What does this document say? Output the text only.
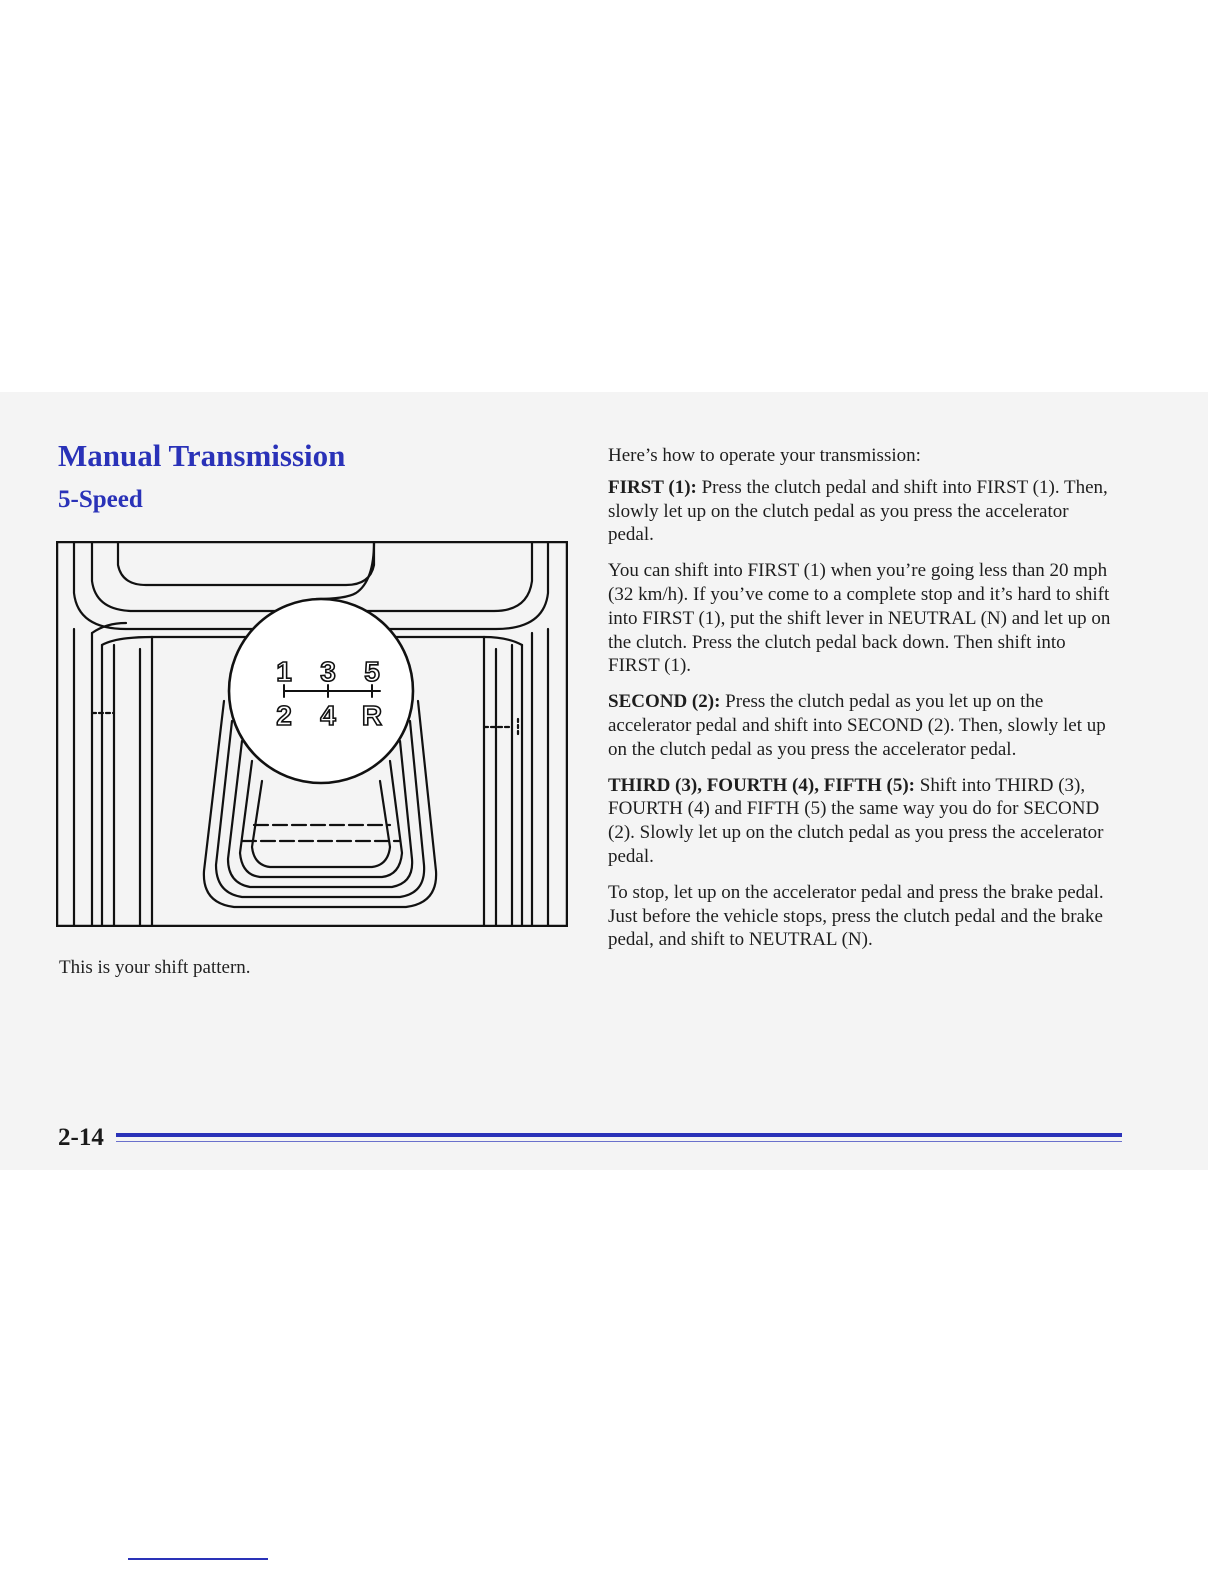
Manual Transmission
5-Speed
1 3 5
2 4 R

This is your shift pattern.

Here’s how to operate your transmission:

FIRST (1): Press the clutch pedal and shift into FIRST (1). Then, slowly let up on the clutch pedal as you press the accelerator pedal.

You can shift into FIRST (1) when you’re going less than 20 mph (32 km/h). If you’ve come to a complete stop and it’s hard to shift into FIRST (1), put the shift lever in NEUTRAL (N) and let up on the clutch. Press the clutch pedal back down. Then shift into FIRST (1).

SECOND (2): Press the clutch pedal as you let up on the accelerator pedal and shift into SECOND (2). Then, slowly let up on the clutch pedal as you press the accelerator pedal.

THIRD (3), FOURTH (4), FIFTH (5): Shift into THIRD (3), FOURTH (4) and FIFTH (5) the same way you do for SECOND (2). Slowly let up on the clutch pedal as you press the accelerator pedal.

To stop, let up on the accelerator pedal and press the brake pedal. Just before the vehicle stops, press the clutch pedal and the brake pedal, and shift to NEUTRAL (N).

2-14
